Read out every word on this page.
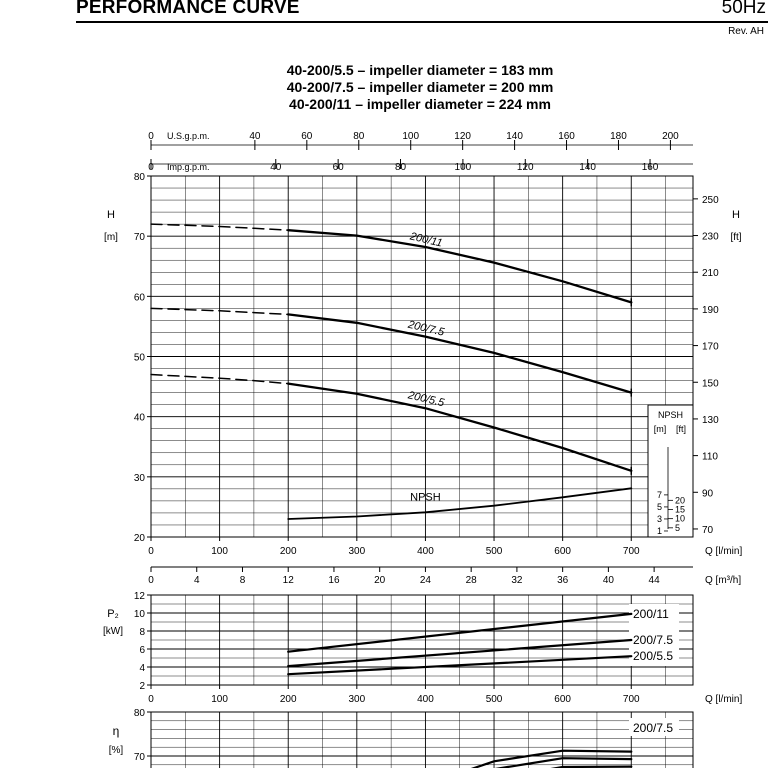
PERFORMANCE CURVE	50Hz
Rev. AH
40-200/5.5 – impeller diameter = 183 mm
40-200/7.5 – impeller diameter = 200 mm
40-200/11 – impeller diameter = 224 mm
20
30
40
50
60
70
80
0	100	200	300	400	500	600	700	Q [l/min]
H
[m]
H
[ft]
70
90
110
130
150
170
190
210
230
250
U.S.g.p.m.
0	40	60	80	100	120	140	160	180	200
Imp.g.p.m.
0	40	60	80	100	120	140	160
NPSH
[m] [ft]
1
3
5
7
5
10
15
20
200/11
200/7.5
200/5.5
NPSH
0	4	8	12	16	20	24	28	32	36	40	44	Q [m³/h]
2
4
6
8
10
12
0	100	200	300	400	500	600	700	Q [l/min]
P₂
[kW]
200/11
200/7.5
200/5.5
70
80
η
[%]
200/7.5
